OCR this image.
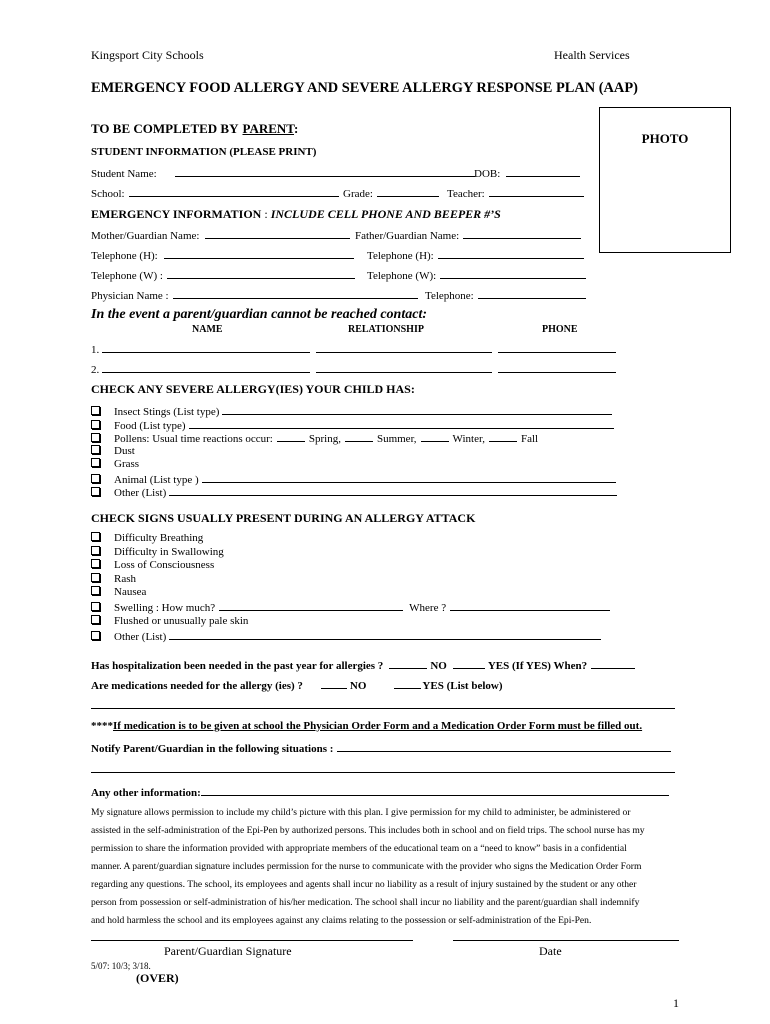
Kingsport City Schools	Health Services
EMERGENCY FOOD ALLERGY AND SEVERE ALLERGY RESPONSE PLAN (AAP)
TO BE COMPLETED BY PARENT:
PHOTO
STUDENT INFORMATION (PLEASE PRINT)
Student Name:	DOB:
School:	Grade:	Teacher:
EMERGENCY INFORMATION : INCLUDE CELL PHONE AND BEEPER #’S
Mother/Guardian Name:	Father/Guardian Name:
Telephone (H):	Telephone (H):
Telephone (W) :	Telephone (W):
Physician Name :	Telephone:
In the event a parent/guardian cannot be reached contact:
NAME	RELATIONSHIP	PHONE
1.
2.
CHECK ANY SEVERE ALLERGY(IES) YOUR CHILD HAS:
Insect Stings (List type)
Food (List type)
Pollens: Usual time reactions occur:	Spring,	Summer,	Winter,	Fall
Dust
Grass
Animal (List type )
Other (List)
CHECK SIGNS USUALLY PRESENT DURING AN ALLERGY ATTACK
Difficulty Breathing
Difficulty in Swallowing
Loss of Consciousness
Rash
Nausea
Swelling : How much?	Where ?
Flushed or unusually pale skin
Other (List)
Has hospitalization been needed in the past year for allergies ?	NO	YES (If YES) When?
Are medications needed for the allergy (ies) ?	NO	YES (List below)
****If medication is to be given at school the Physician Order Form and a Medication Order Form must be filled out.
Notify Parent/Guardian in the following situations :
Any other information:
My signature allows permission to include my child’s picture with this plan. I give permission for my child to administer, be administered or
assisted in the self-administration of the Epi-Pen by authorized persons. This includes both in school and on field trips. The school nurse has my
permission to share the information provided with appropriate members of the educational team on a “need to know” basis in a confidential
manner. A parent/guardian signature includes permission for the nurse to communicate with the provider who signs the Medication Order Form
regarding any questions. The school, its employees and agents shall incur no liability as a result of injury sustained by the student or any other
person from possession or self-administration of his/her medication. The school shall incur no liability and the parent/guardian shall indemnify
and hold harmless the school and its employees against any claims relating to the possession or self-administration of the Epi-Pen.
Parent/Guardian Signature	Date
5/07: 10/3; 3/18.
(OVER)
1
